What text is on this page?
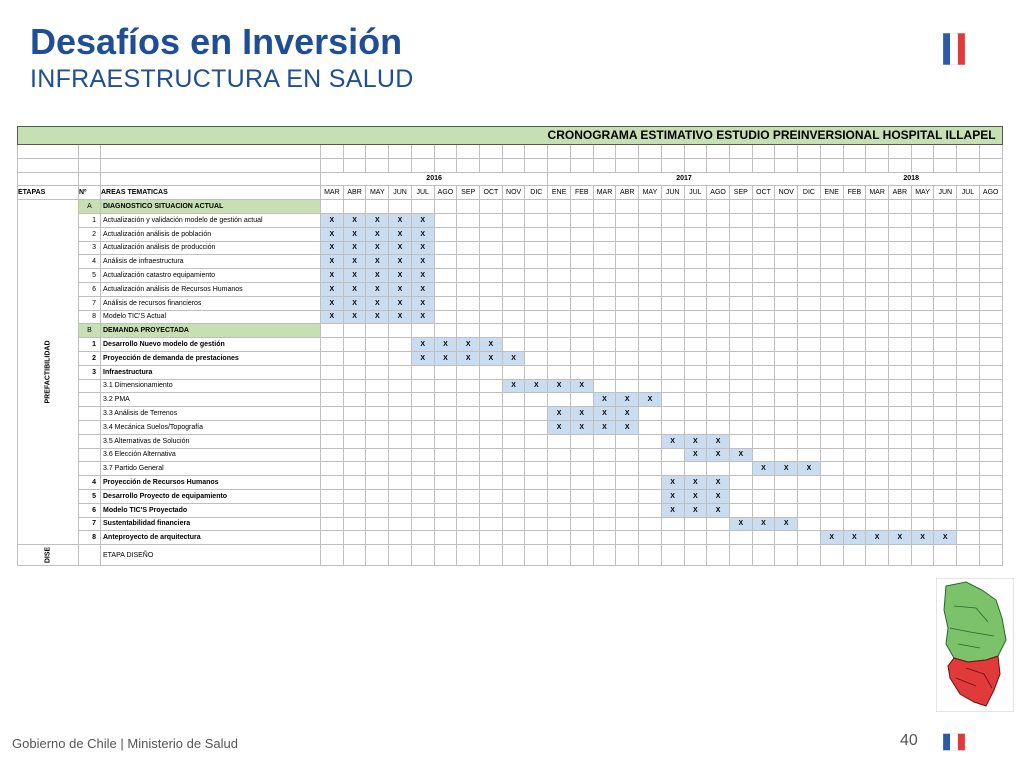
Desafíos en Inversión
INFRAESTRUCTURA EN SALUD
CRONOGRAMA ESTIMATIVO ESTUDIO PREINVERSIONAL HOSPITAL ILLAPEL																																

			2016										2017												2018							
ETAPAS	Nº	AREAS TEMATICAS	MAR	ABR	MAY	JUN	JUL	AGO	SEP	OCT	NOV	DIC	ENE	FEB	MAR	ABR	MAY	JUN	JUL	AGO	SEP	OCT	NOV	DIC	ENE	FEB	MAR	ABR	MAY	JUN	JUL	AGO

PREFACTIBILIDAD	A	DIAGNOSTICO SITUACION ACTUAL																														
	1	Actualización y validación modelo de gestión actual	X	X	X	X	X																									
	2	Actualización análisis de población	X	X	X	X	X																									
	3	Actualización análisis de producción	X	X	X	X	X																									
	4	Análisis de infraestructura	X	X	X	X	X																									
	5	Actualización catastro equipamiento	X	X	X	X	X																									
	6	Actualización análisis de Recursos Humanos	X	X	X	X	X																									
	7	Análisis de recursos financieros	X	X	X	X	X																									
	8	Modelo TIC'S Actual	X	X	X	X	X																									
	B	DEMANDA PROYECTADA																														
	1	Desarrollo Nuevo modelo de gestión					X	X	X	X																						
	2	Proyección de demanda de prestaciones					X	X	X	X	X																					
	3	Infraestructura																														
		3.1 Dimensionamiento									X	X	X	X																		
		3.2 PMA													X	X	X															
		3.3 Análisis de Terrenos											X	X	X	X																
		3.4 Mecánica Suelos/Topografía											X	X	X	X																
		3.5 Alternativas de Solución																X	X	X												
		3.6 Elección Alternativa																	X	X	X											
		3.7 Partido General																				X	X	X								
	4	Proyección de Recursos Humanos																X	X	X												
	5	Desarrollo Proyecto de equipamiento																X	X	X												
	6	Modelo TIC'S Proyectado																X	X	X												
	7	Sustentabilidad financiera																			X	X	X									
	8	Anteproyecto de arquitectura																							X	X	X	X	X	X		

DISE		ETAPA DISEÑO																														
Gobierno de Chile | Ministerio de Salud	40
